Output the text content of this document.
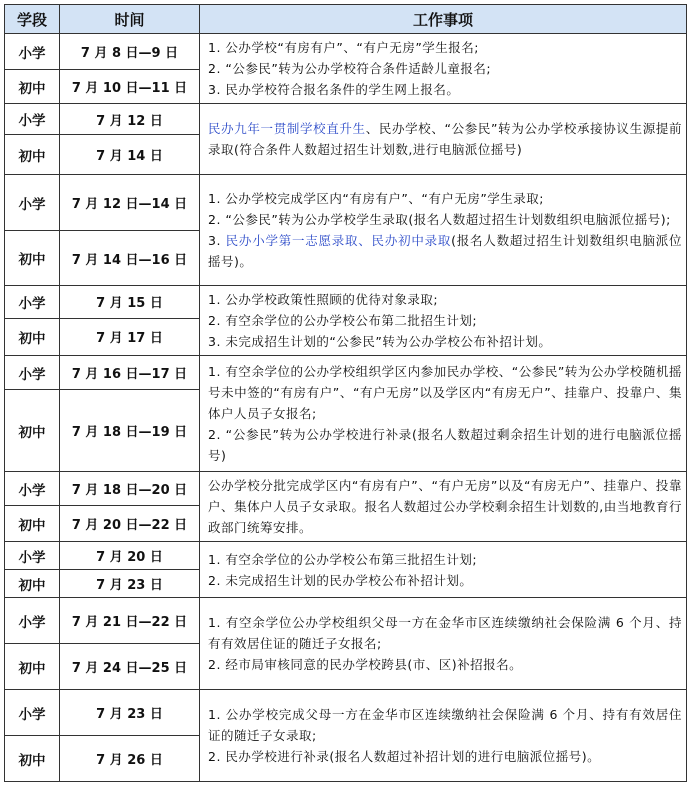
学段	时间	工作事项
小学	7 月 8 日—9 日	1. 公办学校“有房有户”、“有户无房”学生报名;

2. “公参民”转为公办学校符合条件适龄儿童报名;

3. 民办学校符合报名条件的学生网上报名。

初中	7 月 10 日—11 日	
小学	7 月 12 日	民办九年一贯制学校直升生、民办学校、“公参民”转为公办学校承接协议生源提前录取(符合条件人数超过招生计划数,进行电脑派位摇号)

初中	7 月 14 日	
小学	7 月 12 日—14 日	1. 公办学校完成学区内“有房有户”、“有户无房”学生录取;

2. “公参民”转为公办学校学生录取(报名人数超过招生计划数组织电脑派位摇号);

3. 民办小学第一志愿录取、民办初中录取(报名人数超过招生计划数组织电脑派位摇号)。

初中	7 月 14 日—16 日	
小学	7 月 15 日	1. 公办学校政策性照顾的优待对象录取;

2. 有空余学位的公办学校公布第二批招生计划;

3. 未完成招生计划的“公参民”转为公办学校公布补招计划。

初中	7 月 17 日	
小学	7 月 16 日—17 日	1. 有空余学位的公办学校组织学区内参加民办学校、“公参民”转为公办学校随机摇号未中签的“有房有户”、“有户无房”以及学区内“有房无户”、挂靠户、投靠户、集体户人员子女报名;

2. “公参民”转为公办学校进行补录(报名人数超过剩余招生计划的进行电脑派位摇号)

初中	7 月 18 日—19 日	
小学	7 月 18 日—20 日	公办学校分批完成学区内“有房有户”、“有户无房”以及“有房无户”、挂靠户、投靠户、集体户人员子女录取。报名人数超过公办学校剩余招生计划数的,由当地教育行政部门统筹安排。

初中	7 月 20 日—22 日	
小学	7 月 20 日	1. 有空余学位的公办学校公布第三批招生计划;

2. 未完成招生计划的民办学校公布补招计划。

初中	7 月 23 日	
小学	7 月 21 日—22 日	1. 有空余学位公办学校组织父母一方在金华市区连续缴纳社会保险满 6 个月、持有有效居住证的随迁子女报名;

2. 经市局审核同意的民办学校跨县(市、区)补招报名。

初中	7 月 24 日—25 日	
小学	7 月 23 日	1. 公办学校完成父母一方在金华市区连续缴纳社会保险满 6 个月、持有有效居住证的随迁子女录取;

2. 民办学校进行补录(报名人数超过补招计划的进行电脑派位摇号)。

初中	7 月 26 日	
